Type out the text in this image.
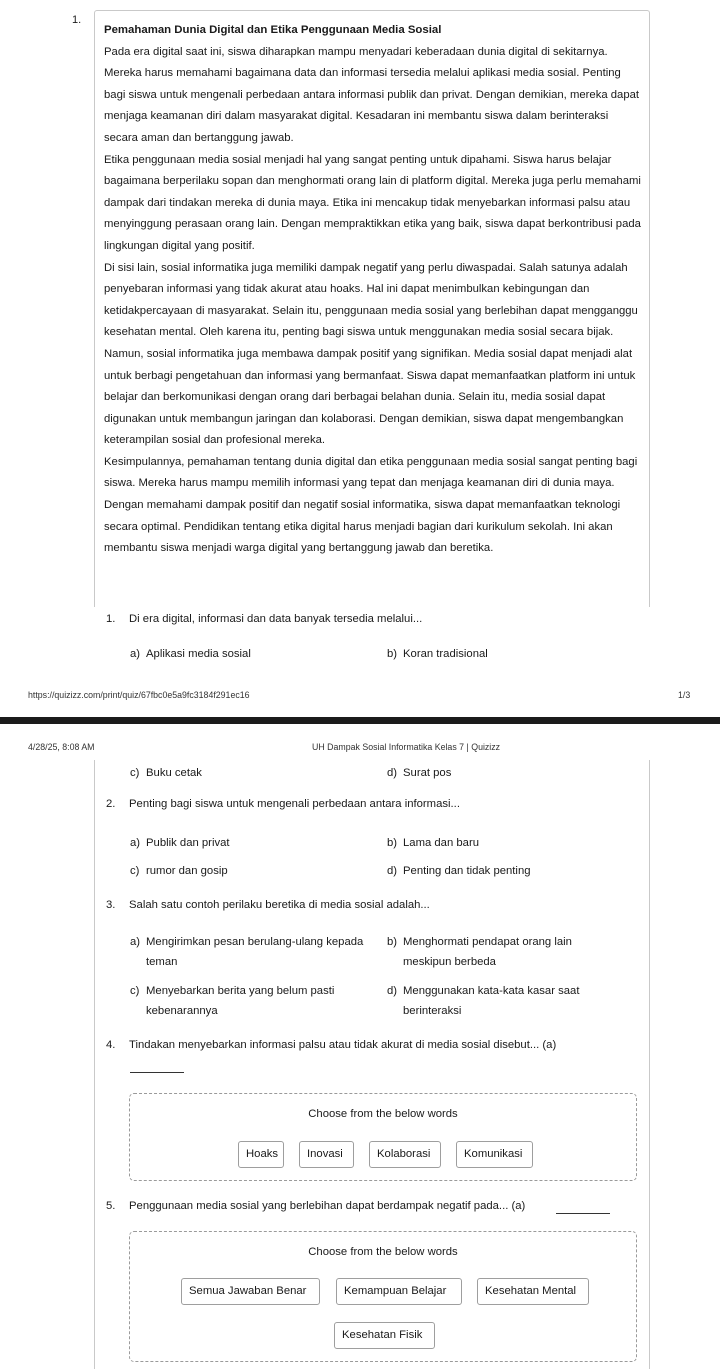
1.
Pemahaman Dunia Digital dan Etika Penggunaan Media Sosial

Pada era digital saat ini, siswa diharapkan mampu menyadari keberadaan dunia digital di sekitarnya. Mereka harus memahami bagaimana data dan informasi tersedia melalui aplikasi media sosial. Penting bagi siswa untuk mengenali perbedaan antara informasi publik dan privat. Dengan demikian, mereka dapat menjaga keamanan diri dalam masyarakat digital. Kesadaran ini membantu siswa dalam berinteraksi secara aman dan bertanggung jawab.

Etika penggunaan media sosial menjadi hal yang sangat penting untuk dipahami. Siswa harus belajar bagaimana berperilaku sopan dan menghormati orang lain di platform digital. Mereka juga perlu memahami dampak dari tindakan mereka di dunia maya. Etika ini mencakup tidak menyebarkan informasi palsu atau menyinggung perasaan orang lain. Dengan mempraktikkan etika yang baik, siswa dapat berkontribusi pada lingkungan digital yang positif.

Di sisi lain, sosial informatika juga memiliki dampak negatif yang perlu diwaspadai. Salah satunya adalah penyebaran informasi yang tidak akurat atau hoaks. Hal ini dapat menimbulkan kebingungan dan ketidakpercayaan di masyarakat. Selain itu, penggunaan media sosial yang berlebihan dapat mengganggu kesehatan mental. Oleh karena itu, penting bagi siswa untuk menggunakan media sosial secara bijak.

Namun, sosial informatika juga membawa dampak positif yang signifikan. Media sosial dapat menjadi alat untuk berbagi pengetahuan dan informasi yang bermanfaat. Siswa dapat memanfaatkan platform ini untuk belajar dan berkomunikasi dengan orang dari berbagai belahan dunia. Selain itu, media sosial dapat digunakan untuk membangun jaringan dan kolaborasi. Dengan demikian, siswa dapat mengembangkan keterampilan sosial dan profesional mereka.

Kesimpulannya, pemahaman tentang dunia digital dan etika penggunaan media sosial sangat penting bagi siswa. Mereka harus mampu memilih informasi yang tepat dan menjaga keamanan diri di dunia maya. Dengan memahami dampak positif dan negatif sosial informatika, siswa dapat memanfaatkan teknologi secara optimal. Pendidikan tentang etika digital harus menjadi bagian dari kurikulum sekolah. Ini akan membantu siswa menjadi warga digital yang bertanggung jawab dan beretika.

1. Di era digital, informasi dan data banyak tersedia melalui...
a) Aplikasi media sosial	b) Koran tradisional
https://quizizz.com/print/quiz/67fbc0e5a9fc3184f291ec16	1/3
4/28/25, 8:08 AM	UH Dampak Sosial Informatika Kelas 7 | Quizizz
c) Buku cetak	d) Surat pos
2. Penting bagi siswa untuk mengenali perbedaan antara informasi...
a) Publik dan privat	b) Lama dan baru
c) rumor dan gosip	d) Penting dan tidak penting
3. Salah satu contoh perilaku beretika di media sosial adalah...
a) Mengirimkan pesan berulang-ulang kepada
teman
b) Menghormati pendapat orang lain
meskipun berbeda
c) Menyebarkan berita yang belum pasti
kebenarannya
d) Menggunakan kata-kata kasar saat
berinteraksi
4. Tindakan menyebarkan informasi palsu atau tidak akurat di media sosial disebut... (a)
Choose from the below words
Hoaks	Inovasi	Kolaborasi	Komunikasi
5. Penggunaan media sosial yang berlebihan dapat berdampak negatif pada... (a)
Choose from the below words
Semua Jawaban Benar	Kemampuan Belajar	Kesehatan Mental
Kesehatan Fisik
